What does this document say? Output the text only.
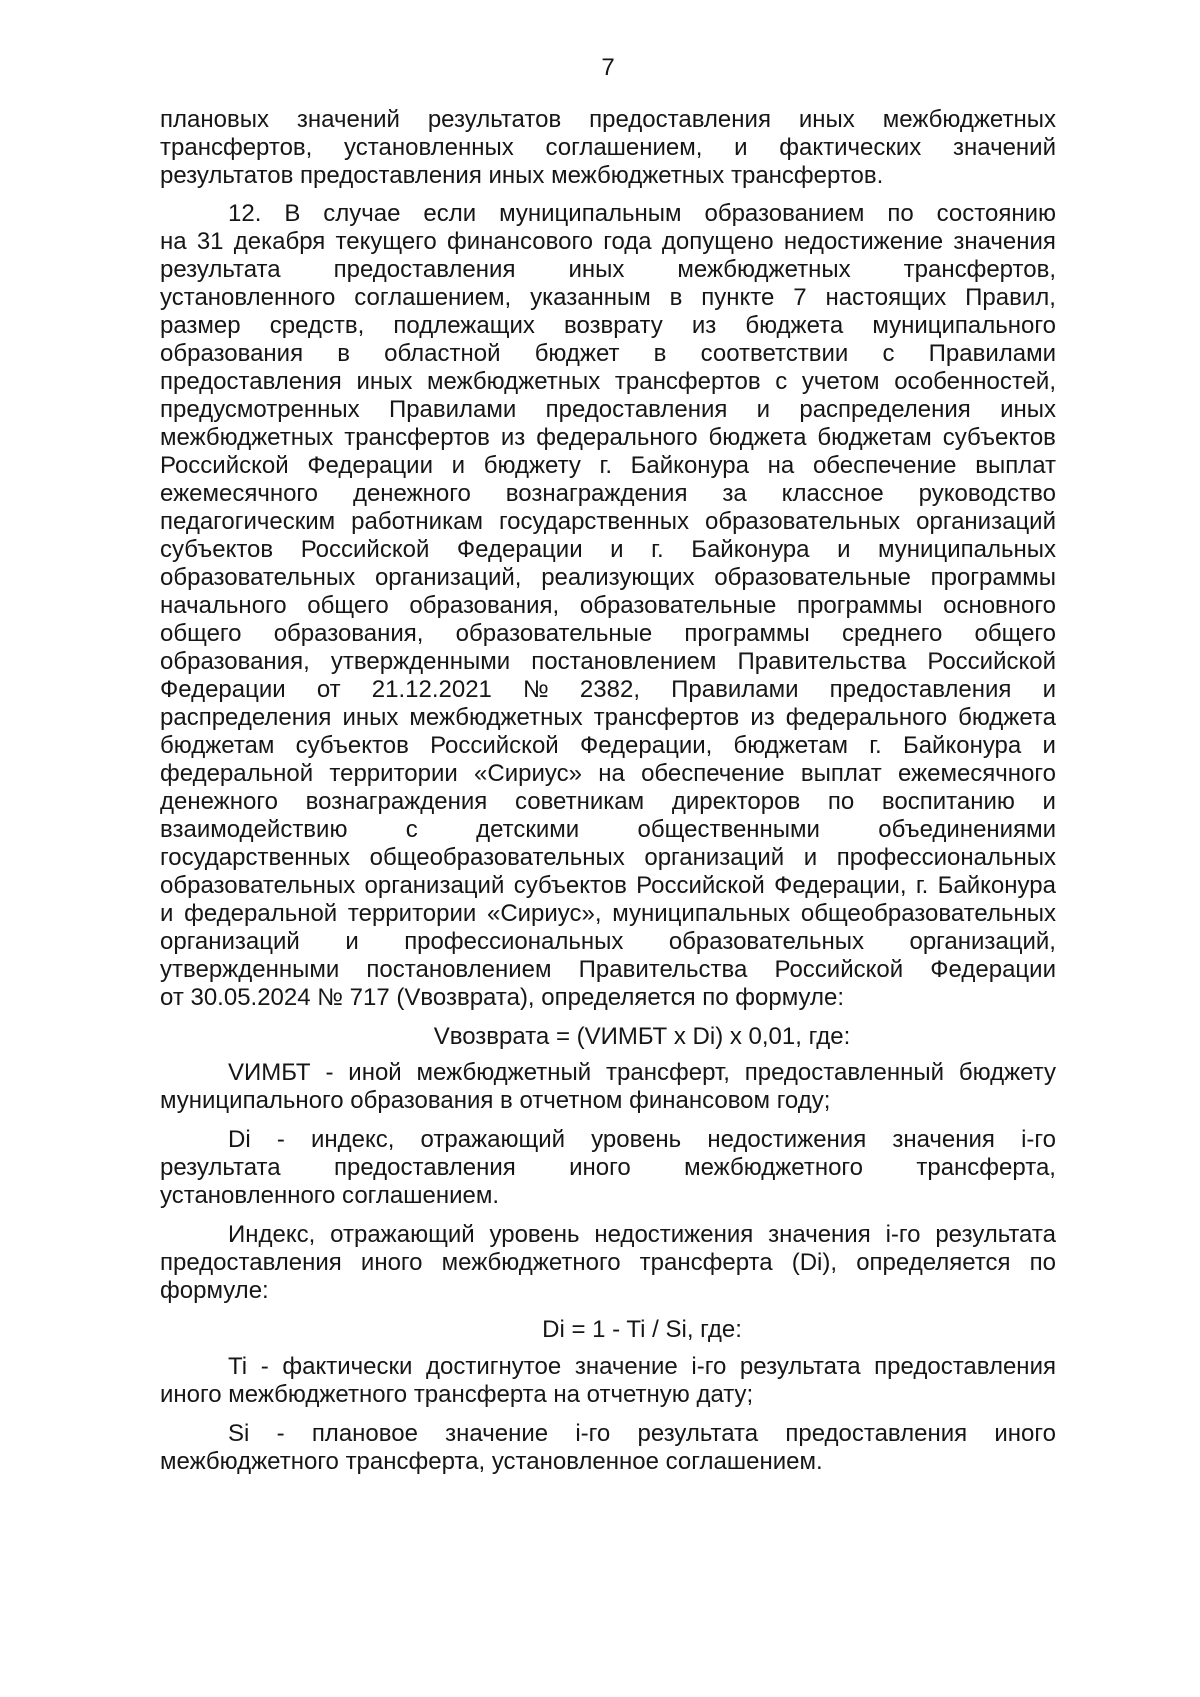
7
плановых значений результатов предоставления иных межбюджетных
трансфертов, установленных соглашением, и фактических значений
результатов предоставления иных межбюджетных трансфертов.
12. В случае если муниципальным образованием по состоянию
на 31 декабря текущего финансового года допущено недостижение значения
результата предоставления иных межбюджетных трансфертов,
установленного соглашением, указанным в пункте 7 настоящих Правил,
размер средств, подлежащих возврату из бюджета муниципального
образования в областной бюджет в соответствии с Правилами
предоставления иных межбюджетных трансфертов с учетом особенностей,
предусмотренных Правилами предоставления и распределения иных
межбюджетных трансфертов из федерального бюджета бюджетам субъектов
Российской Федерации и бюджету г. Байконура на обеспечение выплат
ежемесячного денежного вознаграждения за классное руководство
педагогическим работникам государственных образовательных организаций
субъектов Российской Федерации и г. Байконура и муниципальных
образовательных организаций, реализующих образовательные программы
начального общего образования, образовательные программы основного
общего образования, образовательные программы среднего общего
образования, утвержденными постановлением Правительства Российской
Федерации от 21.12.2021 № 2382, Правилами предоставления и
распределения иных межбюджетных трансфертов из федерального бюджета
бюджетам субъектов Российской Федерации, бюджетам г. Байконура и
федеральной территории «Сириус» на обеспечение выплат ежемесячного
денежного вознаграждения советникам директоров по воспитанию и
взаимодействию с детскими общественными объединениями
государственных общеобразовательных организаций и профессиональных
образовательных организаций субъектов Российской Федерации, г. Байконура
и федеральной территории «Сириус», муниципальных общеобразовательных
организаций и профессиональных образовательных организаций,
утвержденными постановлением Правительства Российской Федерации
от 30.05.2024 № 717 (Vвозврата), определяется по формуле:
Vвозврата = (VИМБТ x Di) x 0,01, где:
VИМБТ - иной межбюджетный трансферт, предоставленный бюджету
муниципального образования в отчетном финансовом году;
Di - индекс, отражающий уровень недостижения значения i-го
результата предоставления иного межбюджетного трансферта,
установленного соглашением.
Индекс, отражающий уровень недостижения значения i-го результата
предоставления иного межбюджетного трансферта (Di), определяется по
формуле:
Di = 1 - Ti / Si, где:
Ti - фактически достигнутое значение i-го результата предоставления
иного межбюджетного трансферта на отчетную дату;
Si - плановое значение i-го результата предоставления иного
межбюджетного трансферта, установленное соглашением.
